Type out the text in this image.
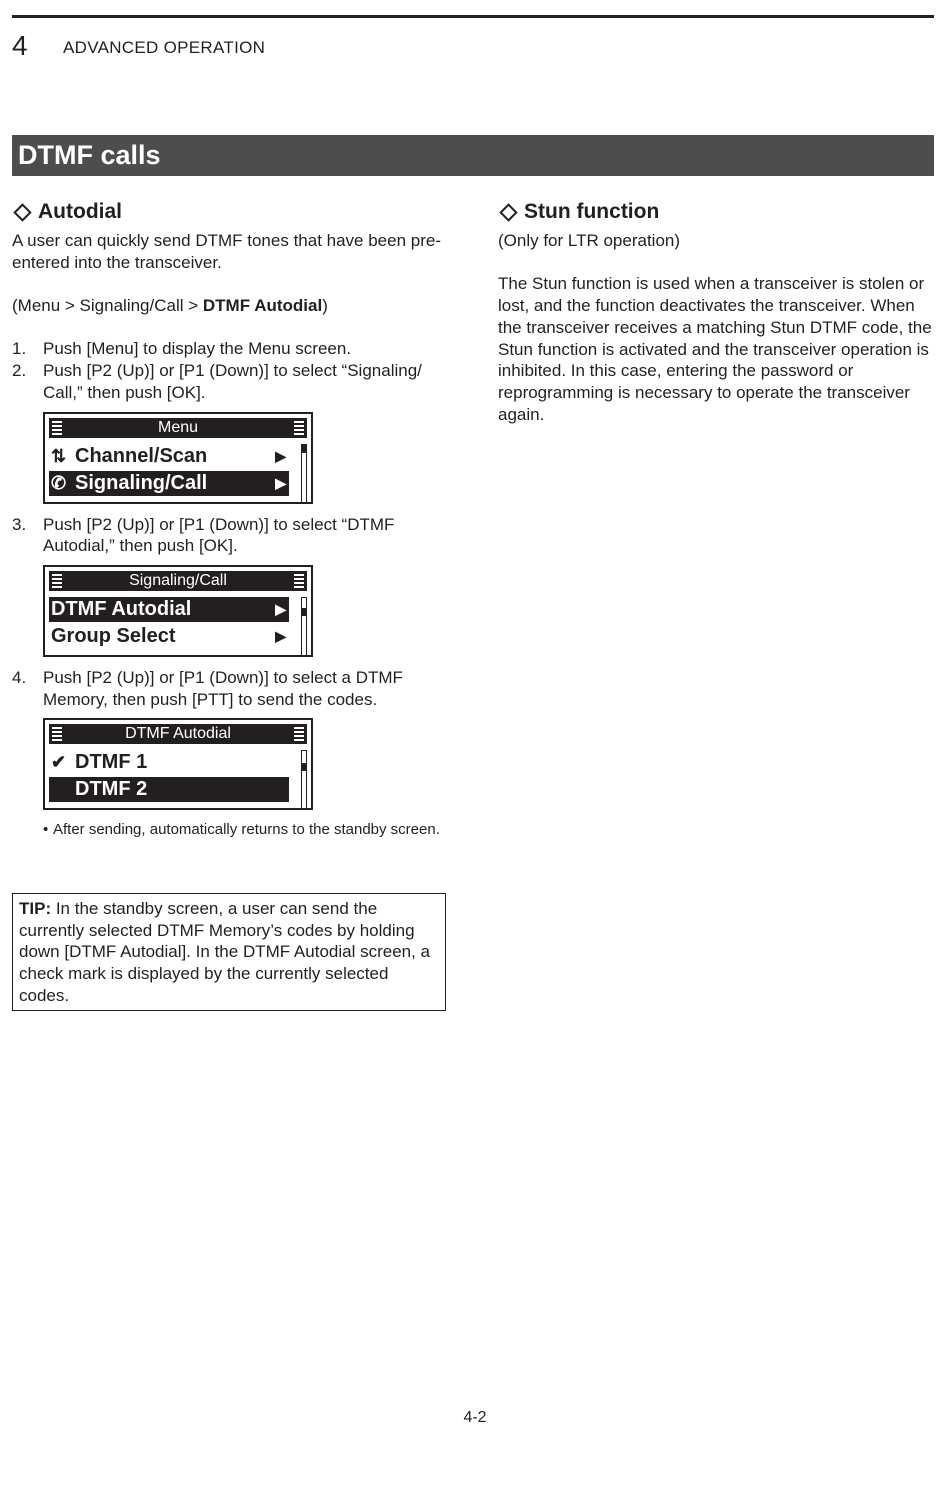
4 ADVANCED OPERATION
DTMF calls
Autodial

A user can quickly send DTMF tones that have been pre-entered into the transceiver.

(Menu > Signaling/Call > DTMF Autodial)

1. Push [Menu] to display the Menu screen.
2. Push [P2 (Up)] or [P1 (Down)] to select “Signaling/ Call,” then push [OK].
Menu
⇅ Channel/Scan	▶
✆ Signaling/Call	▶
3. Push [P2 (Up)] or [P1 (Down)] to select “DTMF Autodial,” then push [OK].
Signaling/Call
DTMF Autodial	▶
Group Select	▶
4. Push [P2 (Up)] or [P1 (Down)] to select a DTMF Memory, then push [PTT] to send the codes.
DTMF Autodial
✔ DTMF 1
DTMF 2
• After sending, automatically returns to the standby screen.
TIP: In the standby screen, a user can send the currently selected DTMF Memory’s codes by holding down [DTMF Autodial]. In the DTMF Autodial screen, a check mark is displayed by the currently selected codes.
Stun function

(Only for LTR operation)

The Stun function is used when a transceiver is stolen or lost, and the function deactivates the transceiver. When the transceiver receives a matching Stun DTMF code, the Stun function is activated and the transceiver operation is inhibited. In this case, entering the password or reprogramming is necessary to operate the transceiver again.

4-2
